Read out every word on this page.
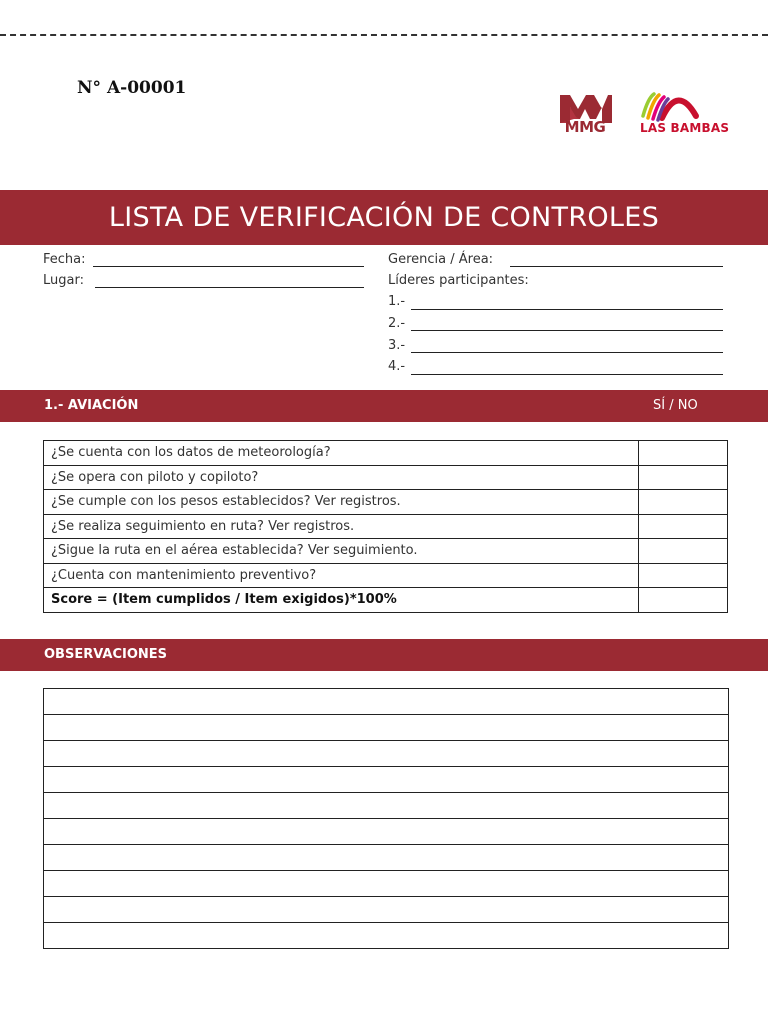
N° A-00001
MMG	LAS BAMBAS
LISTA DE VERIFICACIÓN DE CONTROLES
Fecha:
Lugar:
Gerencia / Área:
Líderes participantes:
1.-
2.-
3.-
4.-
1.- AVIACIÓN	SÍ / NO
¿Se cuenta con los datos de meteorología?	
¿Se opera con piloto y copiloto?	
¿Se cumple con los pesos establecidos? Ver registros.	
¿Se realiza seguimiento en ruta? Ver registros.	
¿Sigue la ruta en el aérea establecida? Ver seguimiento.	
¿Cuenta con mantenimiento preventivo?	
Score = (Item cumplidos / Item exigidos)*100%	
OBSERVACIONES
